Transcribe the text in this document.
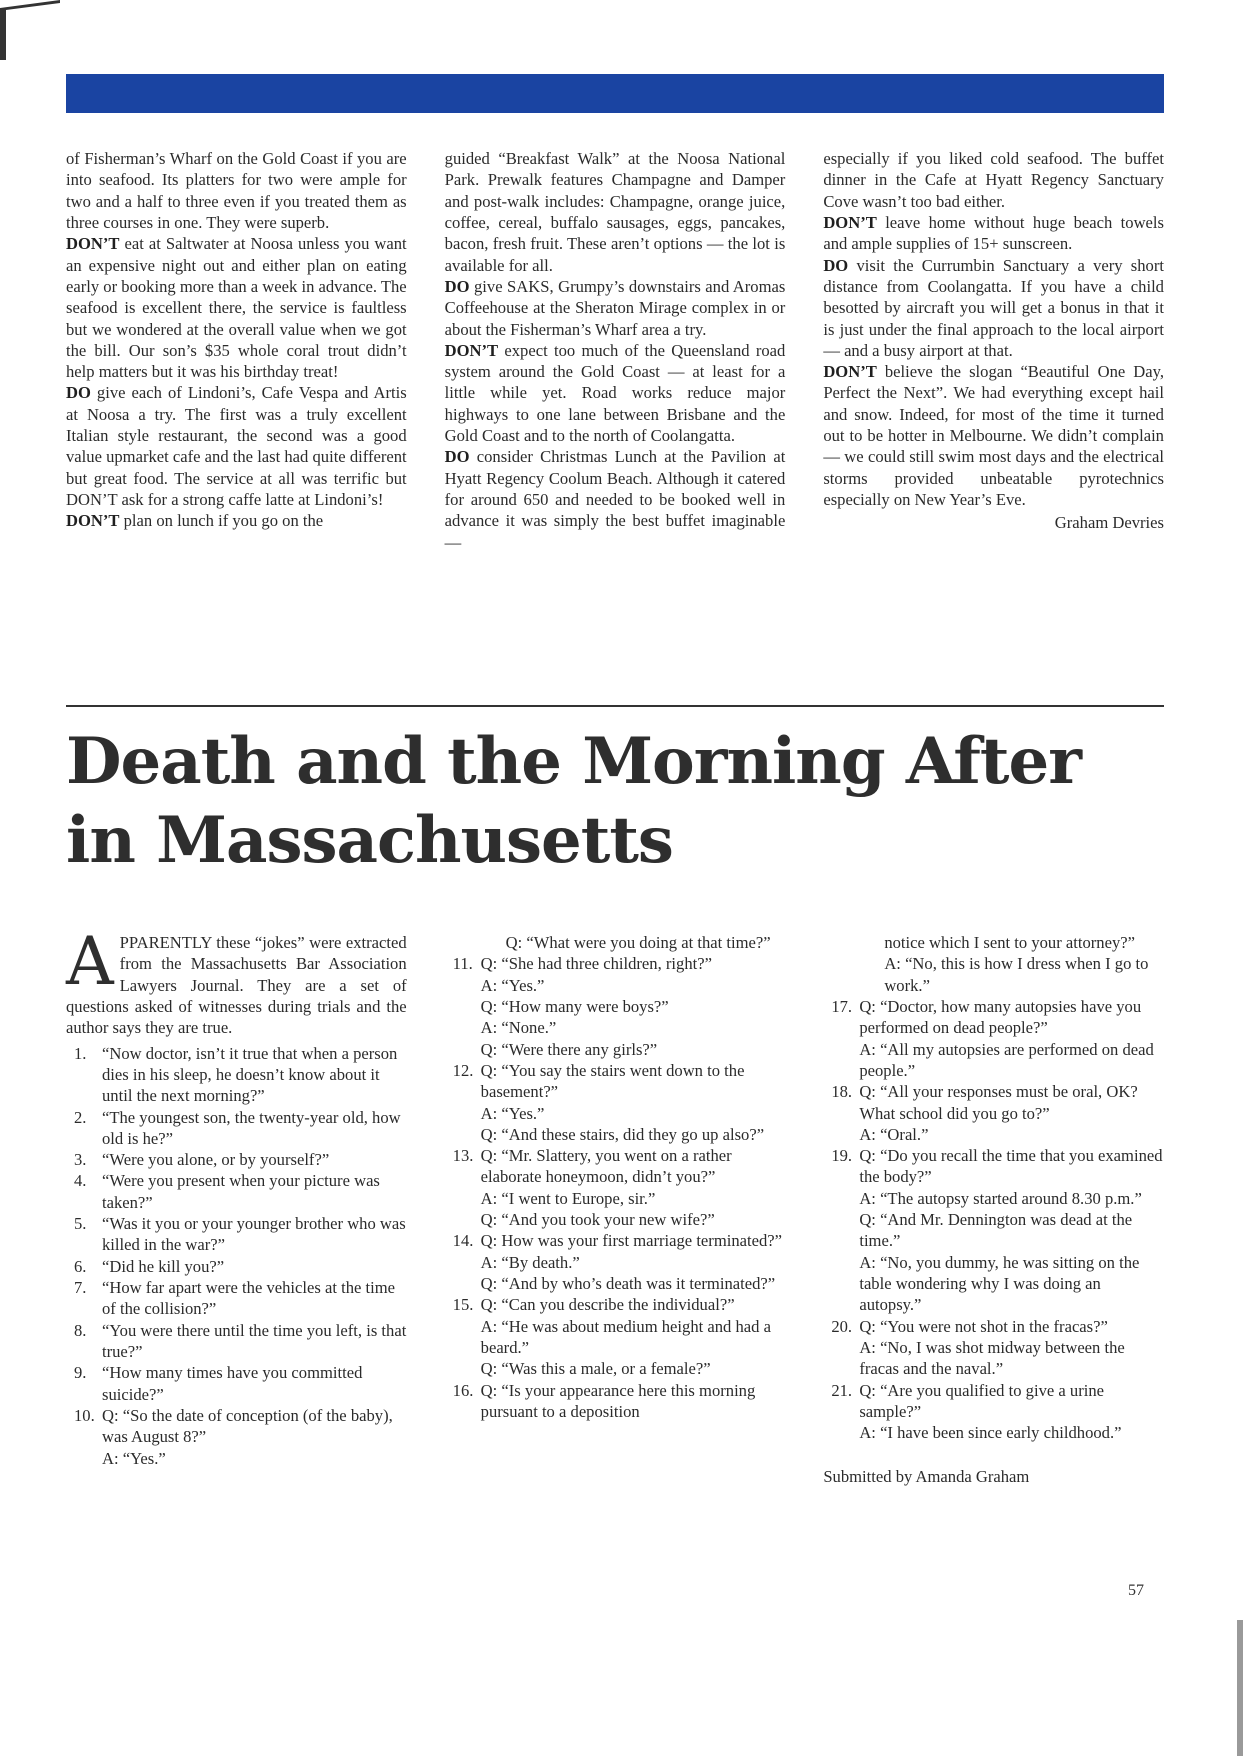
of Fisherman’s Wharf on the Gold Coast if you are into seafood. Its platters for two were ample for two and a half to three even if you treated them as three courses in one. They were superb.

DON’T eat at Saltwater at Noosa unless you want an expensive night out and either plan on eating early or booking more than a week in advance. The seafood is excellent there, the service is faultless but we wondered at the overall value when we got the bill. Our son’s $35 whole coral trout didn’t help matters but it was his birthday treat!

DO give each of Lindoni’s, Cafe Vespa and Artis at Noosa a try. The first was a truly excellent Italian style restaurant, the second was a good value upmarket cafe and the last had quite different but great food. The service at all was terrific but DON’T ask for a strong caffe latte at Lindoni’s!

DON’T plan on lunch if you go on the

guided “Breakfast Walk” at the Noosa National Park. Prewalk features Champagne and Damper and post-walk includes: Champagne, orange juice, coffee, cereal, buffalo sausages, eggs, pancakes, bacon, fresh fruit. These aren’t options — the lot is available for all.

DO give SAKS, Grumpy’s downstairs and Aromas Coffeehouse at the Sheraton Mirage complex in or about the Fisherman’s Wharf area a try.

DON’T expect too much of the Queensland road system around the Gold Coast — at least for a little while yet. Road works reduce major highways to one lane between Brisbane and the Gold Coast and to the north of Coolangatta.

DO consider Christmas Lunch at the Pavilion at Hyatt Regency Coolum Beach. Although it catered for around 650 and needed to be booked well in advance it was simply the best buffet imaginable —

especially if you liked cold seafood. The buffet dinner in the Cafe at Hyatt Regency Sanctuary Cove wasn’t too bad either.

DON’T leave home without huge beach towels and ample supplies of 15+ sunscreen.

DO visit the Currumbin Sanctuary a very short distance from Coolangatta. If you have a child besotted by aircraft you will get a bonus in that it is just under the final approach to the local airport — and a busy airport at that.

DON’T believe the slogan “Beautiful One Day, Perfect the Next”. We had everything except hail and snow. Indeed, for most of the time it turned out to be hotter in Melbourne. We didn’t complain — we could still swim most days and the electrical storms provided unbeatable pyrotechnics especially on New Year’s Eve.

Graham Devries

Death and the Morning After in Massachusetts

APPARENTLY these “jokes” were extracted from the Massachusetts Bar Association Lawyers Journal. They are a set of questions asked of witnesses during trials and the author says they are true.

1. “Now doctor, isn’t it true that when a person dies in his sleep, he doesn’t know about it until the next morning?”
2. “The youngest son, the twenty-year old, how old is he?”
3. “Were you alone, or by yourself?”
4. “Were you present when your picture was taken?”
5. “Was it you or your younger brother who was killed in the war?”
6. “Did he kill you?”
7. “How far apart were the vehicles at the time of the collision?”
8. “You were there until the time you left, is that true?”
9. “How many times have you committed suicide?”
10. Q: “So the date of conception (of the baby), was August 8?”
A: “Yes.”
Q: “What were you doing at that time?”
11. Q: “She had three children, right?”
A: “Yes.”
Q: “How many were boys?”
A: “None.”
Q: “Were there any girls?”
12. Q: “You say the stairs went down to the basement?”
A: “Yes.”
Q: “And these stairs, did they go up also?”
13. Q: “Mr. Slattery, you went on a rather elaborate honeymoon, didn’t you?”
A: “I went to Europe, sir.”
Q: “And you took your new wife?”
14. Q: How was your first marriage terminated?”
A: “By death.”
Q: “And by who’s death was it terminated?”
15. Q: “Can you describe the individual?”
A: “He was about medium height and had a beard.”
Q: “Was this a male, or a female?”
16. Q: “Is your appearance here this morning pursuant to a deposition
notice which I sent to your attorney?”
A: “No, this is how I dress when I go to work.”
17. Q: “Doctor, how many autopsies have you performed on dead people?”
A: “All my autopsies are performed on dead people.”
18. Q: “All your responses must be oral, OK? What school did you go to?”
A: “Oral.”
19. Q: “Do you recall the time that you examined the body?”
A: “The autopsy started around 8.30 p.m.”
Q: “And Mr. Dennington was dead at the time.”
A: “No, you dummy, he was sitting on the table wondering why I was doing an autopsy.”
20. Q: “You were not shot in the fracas?”
A: “No, I was shot midway between the fracas and the naval.”
21. Q: “Are you qualified to give a urine sample?”
A: “I have been since early childhood.”

Submitted by Amanda Graham

57
